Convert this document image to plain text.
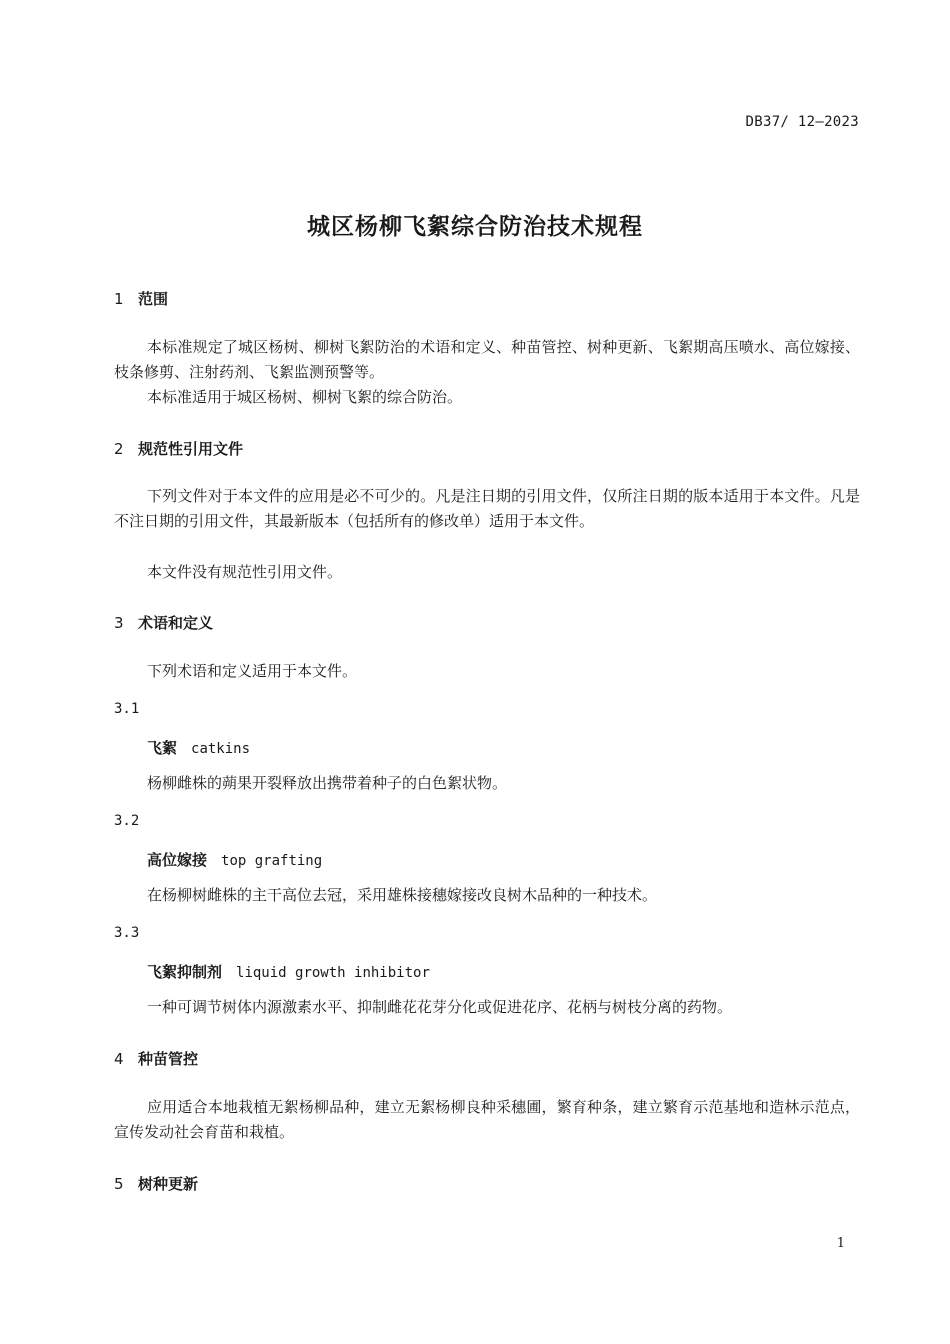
DB37/ 12—2023
城区杨柳飞絮综合防治技术规程
1 范围
本标准规定了城区杨树、柳树飞絮防治的术语和定义、种苗管控、树种更新、飞絮期高压喷水、高位嫁接、枝条修剪、注射药剂、飞絮监测预警等。
本标准适用于城区杨树、柳树飞絮的综合防治。
2 规范性引用文件
下列文件对于本文件的应用是必不可少的。凡是注日期的引用文件，仅所注日期的版本适用于本文件。凡是不注日期的引用文件，其最新版本（包括所有的修改单）适用于本文件。
本文件没有规范性引用文件。
3 术语和定义
下列术语和定义适用于本文件。
3.1
飞絮 catkins
杨柳雌株的蒴果开裂释放出携带着种子的白色絮状物。
3.2
高位嫁接 top grafting
在杨柳树雌株的主干高位去冠，采用雄株接穗嫁接改良树木品种的一种技术。
3.3
飞絮抑制剂 liquid growth inhibitor
一种可调节树体内源激素水平、抑制雌花花芽分化或促进花序、花柄与树枝分离的药物。
4 种苗管控
应用适合本地栽植无絮杨柳品种，建立无絮杨柳良种采穗圃，繁育种条，建立繁育示范基地和造林示范点，宣传发动社会育苗和栽植。
5 树种更新
1
